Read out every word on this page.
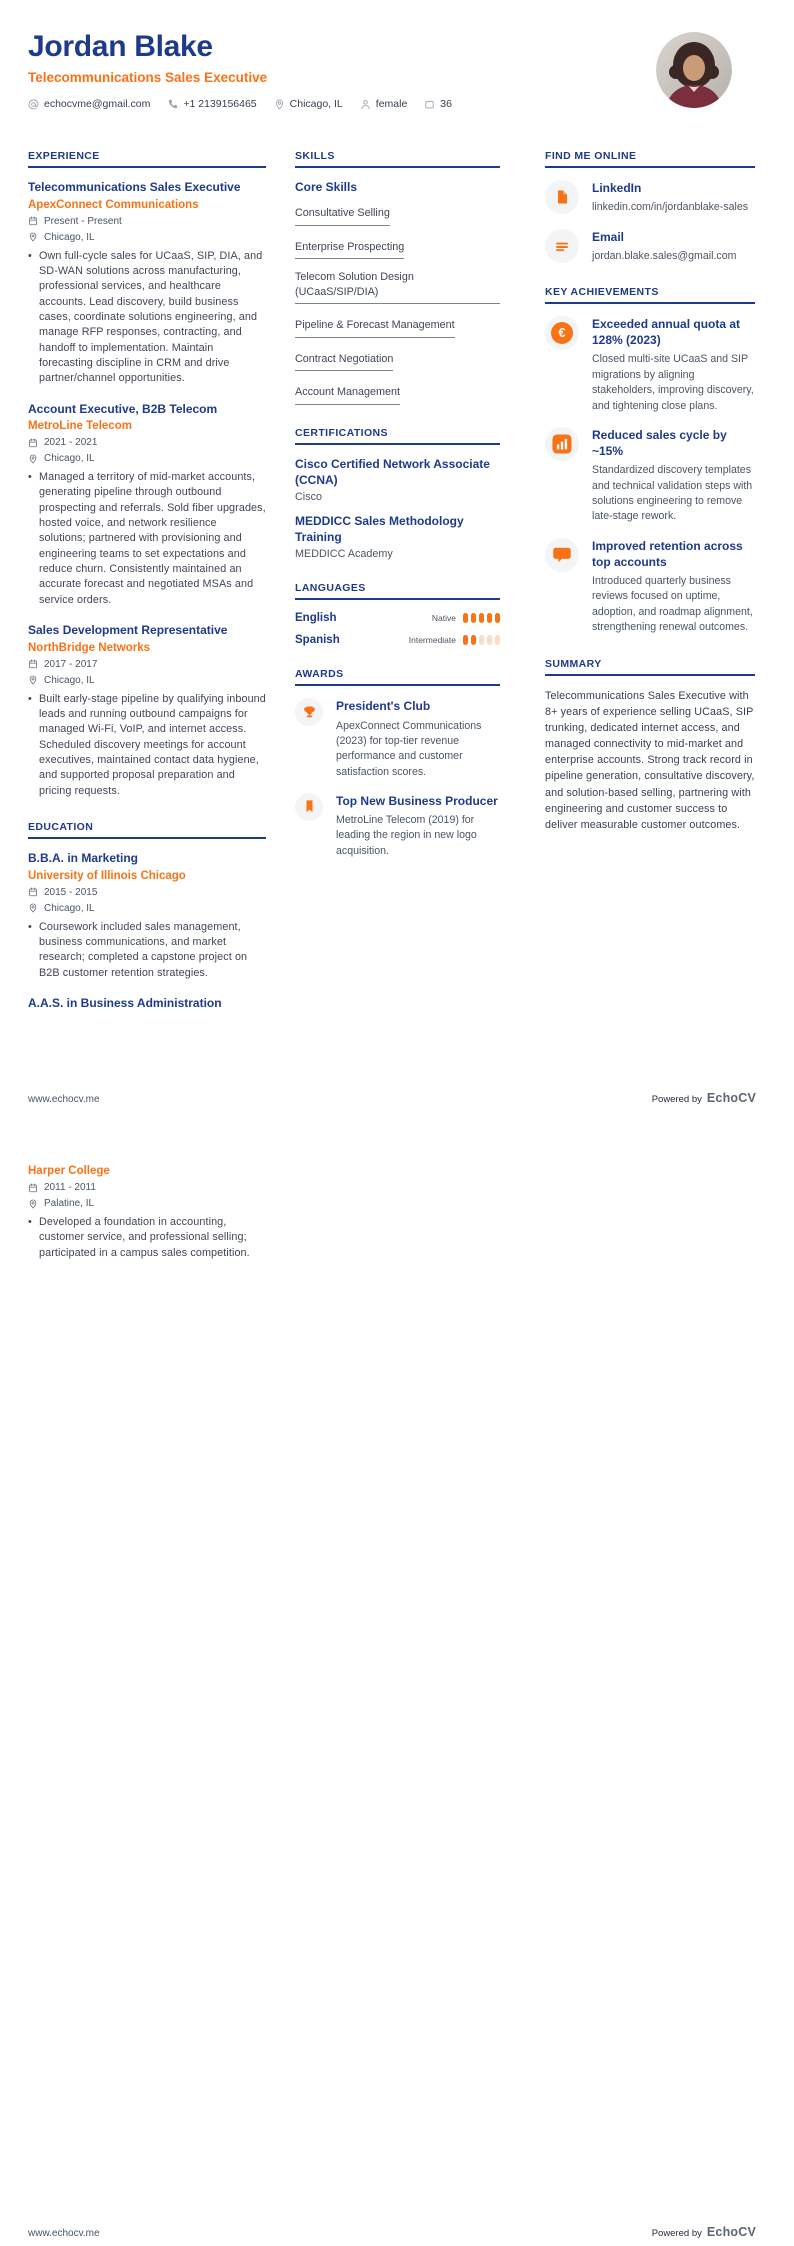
Jordan Blake
Telecommunications Sales Executive
echocvme@gmail.com	+1 2139156465	Chicago, IL	female	36
EXPERIENCE
Telecommunications Sales Executive
ApexConnect Communications
Present - Present
Chicago, IL
• Own full-cycle sales for UCaaS, SIP, DIA, and SD-WAN solutions across manufacturing, professional services, and healthcare accounts. Lead discovery, build business cases, coordinate solutions engineering, and manage RFP responses, contracting, and handoff to implementation. Maintain forecasting discipline in CRM and drive partner/channel opportunities.
Account Executive, B2B Telecom
MetroLine Telecom
2021 - 2021
Chicago, IL
• Managed a territory of mid-market accounts, generating pipeline through outbound prospecting and referrals. Sold fiber upgrades, hosted voice, and network resilience solutions; partnered with provisioning and engineering teams to set expectations and reduce churn. Consistently maintained an accurate forecast and negotiated MSAs and service orders.
Sales Development Representative
NorthBridge Networks
2017 - 2017
Chicago, IL
• Built early-stage pipeline by qualifying inbound leads and running outbound campaigns for managed Wi-Fi, VoIP, and internet access. Scheduled discovery meetings for account executives, maintained contact data hygiene, and supported proposal preparation and pricing requests.
EDUCATION
B.B.A. in Marketing
University of Illinois Chicago
2015 - 2015
Chicago, IL
• Coursework included sales management, business communications, and market research; completed a capstone project on B2B customer retention strategies.
A.A.S. in Business Administration
SKILLS
Core Skills
Consultative Selling
Enterprise Prospecting
Telecom Solution Design (UCaaS/SIP/DIA)
Pipeline & Forecast Management
Contract Negotiation
Account Management
CERTIFICATIONS
Cisco Certified Network Associate (CCNA)
Cisco
MEDDICC Sales Methodology Training
MEDDICC Academy
LANGUAGES
English	Native
Spanish	Intermediate
AWARDS
President's Club
ApexConnect Communications (2023) for top-tier revenue performance and customer satisfaction scores.
Top New Business Producer
MetroLine Telecom (2019) for leading the region in new logo acquisition.
FIND ME ONLINE
LinkedIn
linkedin.com/in/jordanblake-sales
Email
jordan.blake.sales@gmail.com
KEY ACHIEVEMENTS
€
Exceeded annual quota at 128% (2023)
Closed multi-site UCaaS and SIP migrations by aligning stakeholders, improving discovery, and tightening close plans.
Reduced sales cycle by ~15%
Standardized discovery templates and technical validation steps with solutions engineering to remove late-stage rework.
Improved retention across top accounts
Introduced quarterly business reviews focused on uptime, adoption, and roadmap alignment, strengthening renewal outcomes.
SUMMARY

Telecommunications Sales Executive with 8+ years of experience selling UCaaS, SIP trunking, dedicated internet access, and managed connectivity to mid-market and enterprise accounts. Strong track record in pipeline generation, consultative discovery, and solution-based selling, partnering with engineering and customer success to deliver measurable customer outcomes.

www.echocv.me	Powered by EchoCV
Harper College
2011 - 2011
Palatine, IL
• Developed a foundation in accounting, customer service, and professional selling; participated in a campus sales competition.
www.echocv.me	Powered by EchoCV
